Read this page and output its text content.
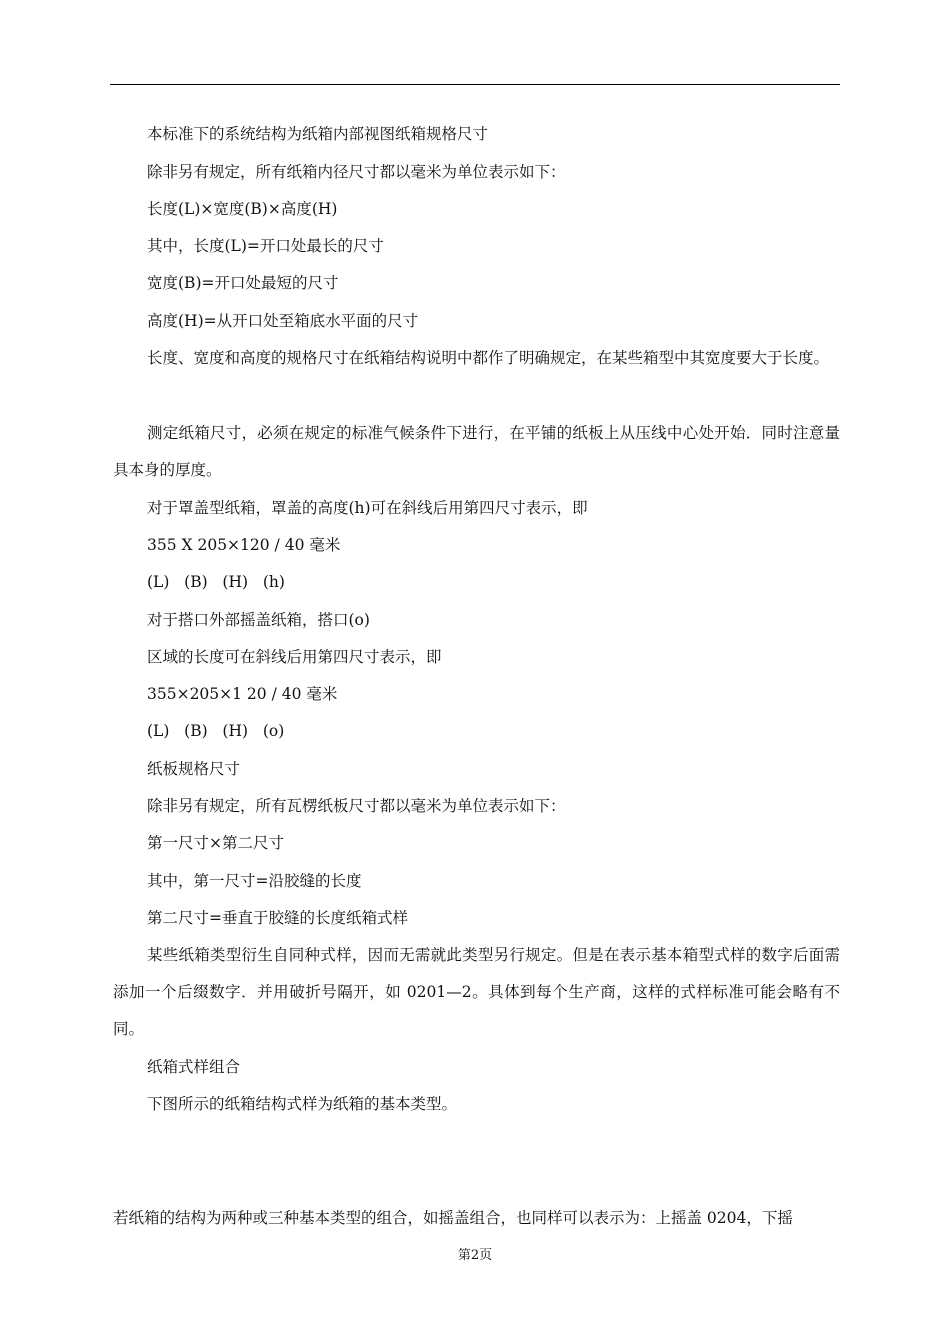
本标准下的系统结构为纸箱内部视图纸箱规格尺寸
除非另有规定，所有纸箱内径尺寸都以毫米为单位表示如下：
长度(L)×宽度(B)×高度(H)
其中，长度(L)=开口处最长的尺寸
宽度(B)=开口处最短的尺寸
高度(H)=从开口处至箱底水平面的尺寸
长度、宽度和高度的规格尺寸在纸箱结构说明中都作了明确规定，在某些箱型中其宽度要大于长度。
测定纸箱尺寸，必须在规定的标准气候条件下进行，在平铺的纸板上从压线中心处开始．同时注意量具本身的厚度。
对于罩盖型纸箱，罩盖的高度(h)可在斜线后用第四尺寸表示，即
355 X 205×120 / 40 毫米
(L)   (B)   (H)   (h)
对于搭口外部摇盖纸箱，搭口(o)
区域的长度可在斜线后用第四尺寸表示，即
355×205×1 20 / 40 毫米
(L)   (B)   (H)   (o)
纸板规格尺寸
除非另有规定，所有瓦楞纸板尺寸都以毫米为单位表示如下：
第一尺寸×第二尺寸
其中，第一尺寸=沿胶缝的长度
第二尺寸=垂直于胶缝的长度纸箱式样
某些纸箱类型衍生自同种式样，因而无需就此类型另行规定。但是在表示基本箱型式样的数字后面需添加一个后缀数字．并用破折号隔开，如 0201—2。具体到每个生产商，这样的式样标准可能会略有不同。
纸箱式样组合
下图所示的纸箱结构式样为纸箱的基本类型。
若纸箱的结构为两种或三种基本类型的组合，如摇盖组合，也同样可以表示为：上摇盖 0204，下摇
第2页
